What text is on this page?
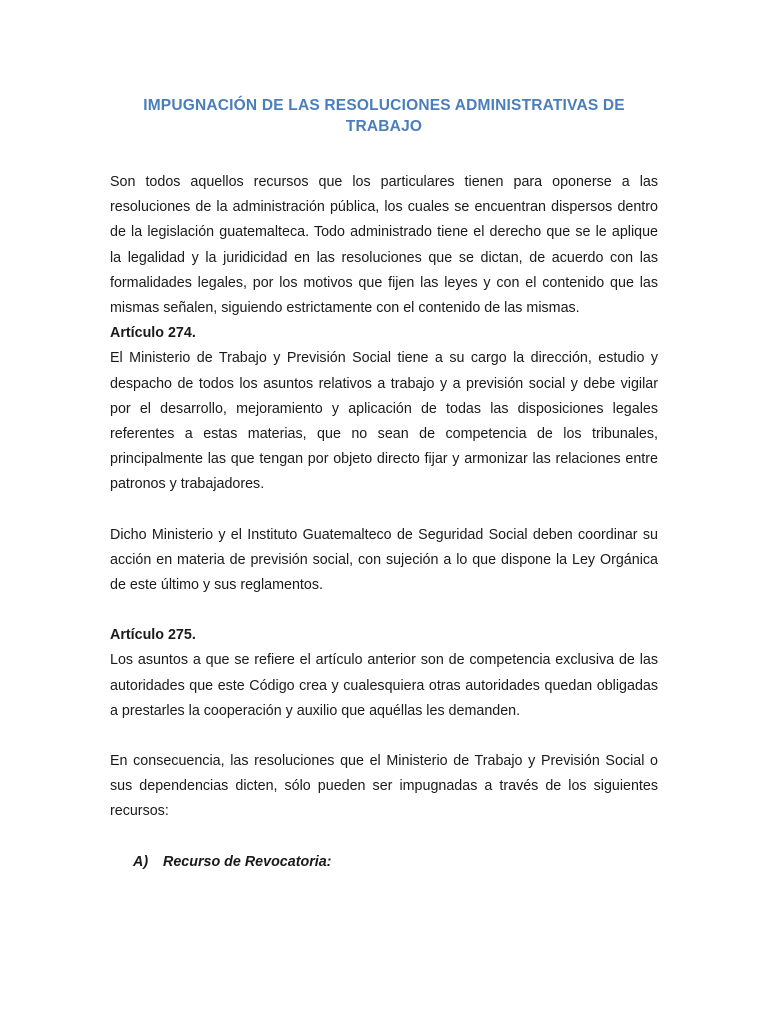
IMPUGNACIÓN DE LAS RESOLUCIONES ADMINISTRATIVAS DE TRABAJO

Son todos aquellos recursos que los particulares tienen para oponerse a las resoluciones de la administración pública, los cuales se encuentran dispersos dentro de la legislación guatemalteca. Todo administrado tiene el derecho que se le aplique la legalidad y la juridicidad en las resoluciones que se dictan, de acuerdo con las formalidades legales, por los motivos que fijen las leyes y con el contenido que las mismas señalen, siguiendo estrictamente con el contenido de las mismas.

Artículo 274.

El Ministerio de Trabajo y Previsión Social tiene a su cargo la dirección, estudio y despacho de todos los asuntos relativos a trabajo y a previsión social y debe vigilar por el desarrollo, mejoramiento y aplicación de todas las disposiciones legales referentes a estas materias, que no sean de competencia de los tribunales, principalmente las que tengan por objeto directo fijar y armonizar las relaciones entre patronos y trabajadores.

Dicho Ministerio y el Instituto Guatemalteco de Seguridad Social deben coordinar su acción en materia de previsión social, con sujeción a lo que dispone la Ley Orgánica de este último y sus reglamentos.

Artículo 275.

Los asuntos a que se refiere el artículo anterior son de competencia exclusiva de las autoridades que este Código crea y cualesquiera otras autoridades quedan obligadas a prestarles la cooperación y auxilio que aquéllas les demanden.

En consecuencia, las resoluciones que el Ministerio de Trabajo y Previsión Social o sus dependencias dicten, sólo pueden ser impugnadas a través de los siguientes recursos:

A) Recurso de Revocatoria:
